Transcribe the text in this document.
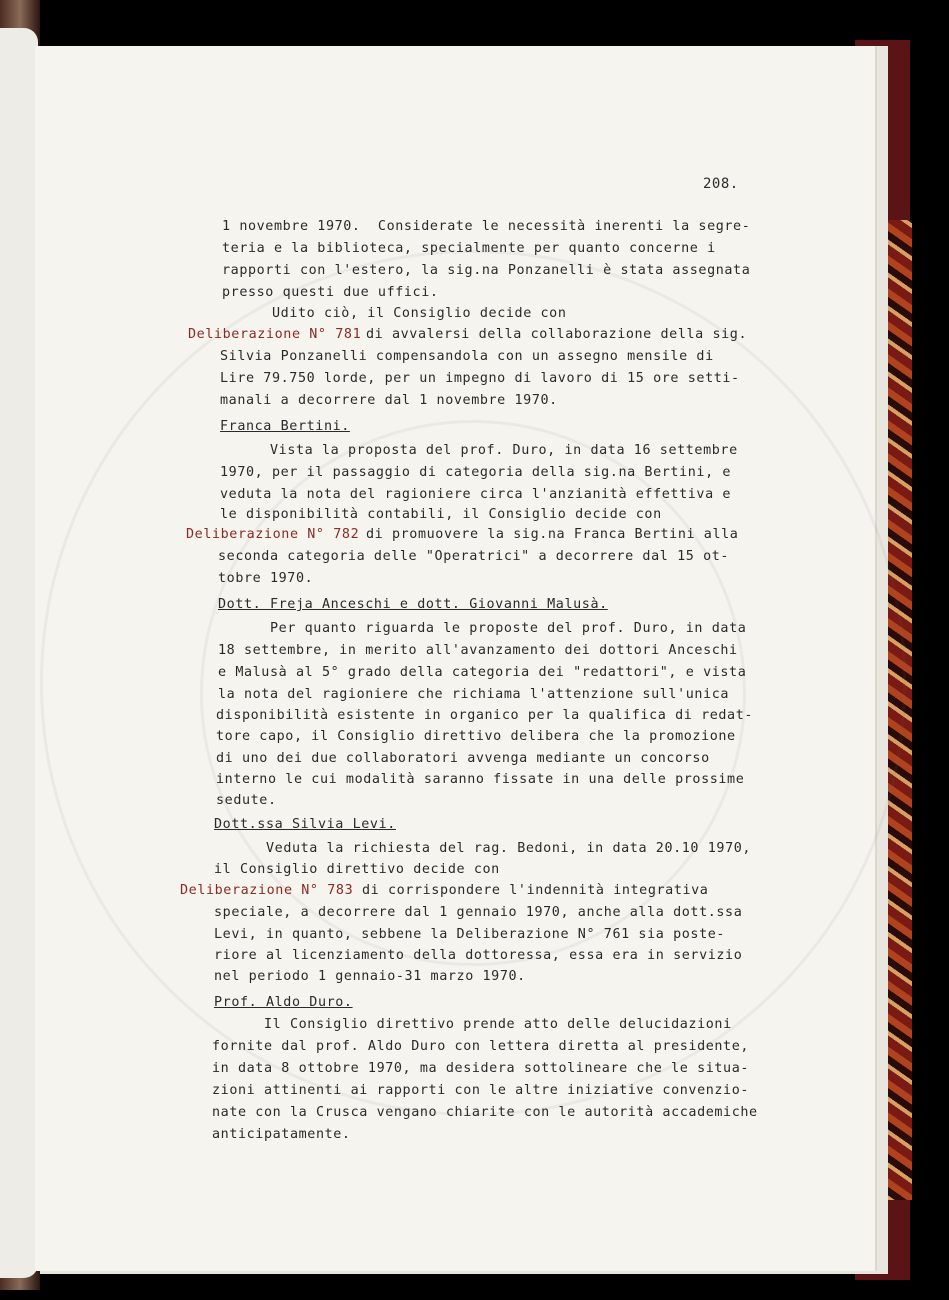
208.
1 novembre 1970.  Considerate le necessità inerenti la segre-
teria e la biblioteca, specialmente per quanto concerne i
rapporti con l'estero, la sig.na Ponzanelli è stata assegnata
presso questi due uffici.
Udito ciò, il Consiglio decide con
Deliberazione N° 781 di avvalersi della collaborazione della sig.
Silvia Ponzanelli compensandola con un assegno mensile di
Lire 79.750 lorde, per un impegno di lavoro di 15 ore setti-
manali a decorrere dal 1 novembre 1970.
Franca Bertini.
Vista la proposta del prof. Duro, in data 16 settembre
1970, per il passaggio di categoria della sig.na Bertini, e
veduta la nota del ragioniere circa l'anzianità effettiva e
le disponibilità contabili, il Consiglio decide con
Deliberazione N° 782 di promuovere la sig.na Franca Bertini alla
seconda categoria delle "Operatrici" a decorrere dal 15 ot-
tobre 1970.
Dott. Freja Anceschi e dott. Giovanni Malusà.
Per quanto riguarda le proposte del prof. Duro, in data
18 settembre, in merito all'avanzamento dei dottori Anceschi
e Malusà al 5° grado della categoria dei "redattori", e vista
la nota del ragioniere che richiama l'attenzione sull'unica
disponibilità esistente in organico per la qualifica di redat-
tore capo, il Consiglio direttivo delibera che la promozione
di uno dei due collaboratori avvenga mediante un concorso
interno le cui modalità saranno fissate in una delle prossime
sedute.
Dott.ssa Silvia Levi.
Veduta la richiesta del rag. Bedoni, in data 20.10 1970,
il Consiglio direttivo decide con
Deliberazione N° 783 di corrispondere l'indennità integrativa
speciale, a decorrere dal 1 gennaio 1970, anche alla dott.ssa
Levi, in quanto, sebbene la Deliberazione N° 761 sia poste-
riore al licenziamento della dottoressa, essa era in servizio
nel periodo 1 gennaio-31 marzo 1970.
Prof. Aldo Duro.
Il Consiglio direttivo prende atto delle delucidazioni
fornite dal prof. Aldo Duro con lettera diretta al presidente,
in data 8 ottobre 1970, ma desidera sottolineare che le situa-
zioni attinenti ai rapporti con le altre iniziative convenzio-
nate con la Crusca vengano chiarite con le autorità accademiche
anticipatamente.
